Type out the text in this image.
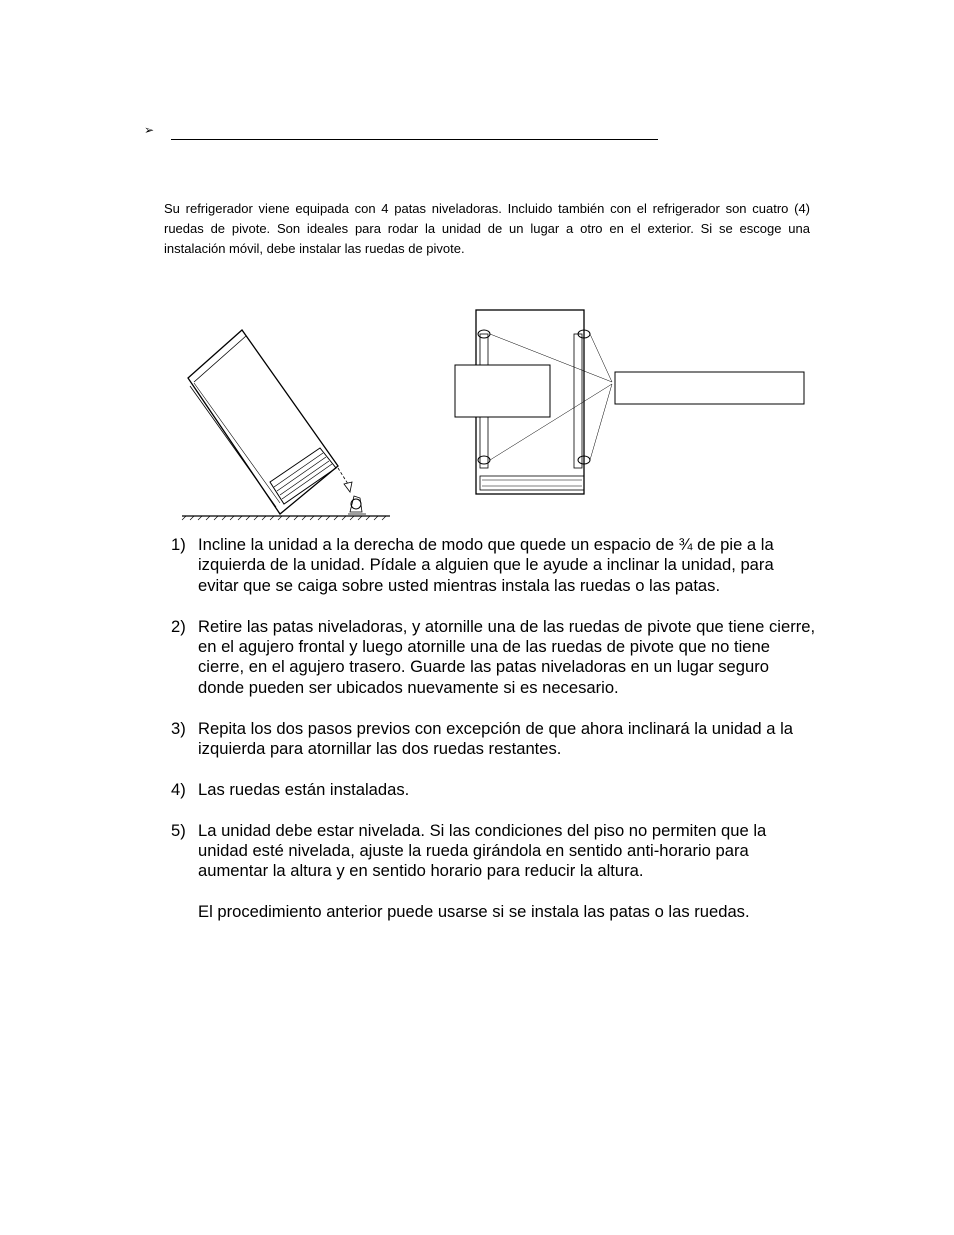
➢

Su refrigerador viene equipada con 4 patas niveladoras. Incluido también con el refrigerador son cuatro (4) ruedas de pivote. Son ideales para rodar la unidad de un lugar a otro en el exterior. Si se escoge una instalación móvil, debe instalar las ruedas de pivote.

1) Incline la unidad a la derecha de modo que quede un espacio de ¾ de pie a la izquierda de la unidad. Pídale a alguien que le ayude a inclinar la unidad, para evitar que se caiga sobre usted mientras instala las ruedas o las patas.
2) Retire las patas niveladoras, y atornille una de las ruedas de pivote que tiene cierre, en el agujero frontal y luego atornille una de las ruedas de pivote que no tiene cierre, en el agujero trasero. Guarde las patas niveladoras en un lugar seguro donde pueden ser ubicados nuevamente si es necesario.
3) Repita los dos pasos previos con excepción de que ahora inclinará la unidad a la izquierda para atornillar las dos ruedas restantes.
4) Las ruedas están instaladas.
5) La unidad debe estar nivelada. Si las condiciones del piso no permiten que la unidad esté nivelada, ajuste la rueda girándola en sentido anti-horario para aumentar la altura y en sentido horario para reducir la altura.

El procedimiento anterior puede usarse si se instala las patas o las ruedas.
